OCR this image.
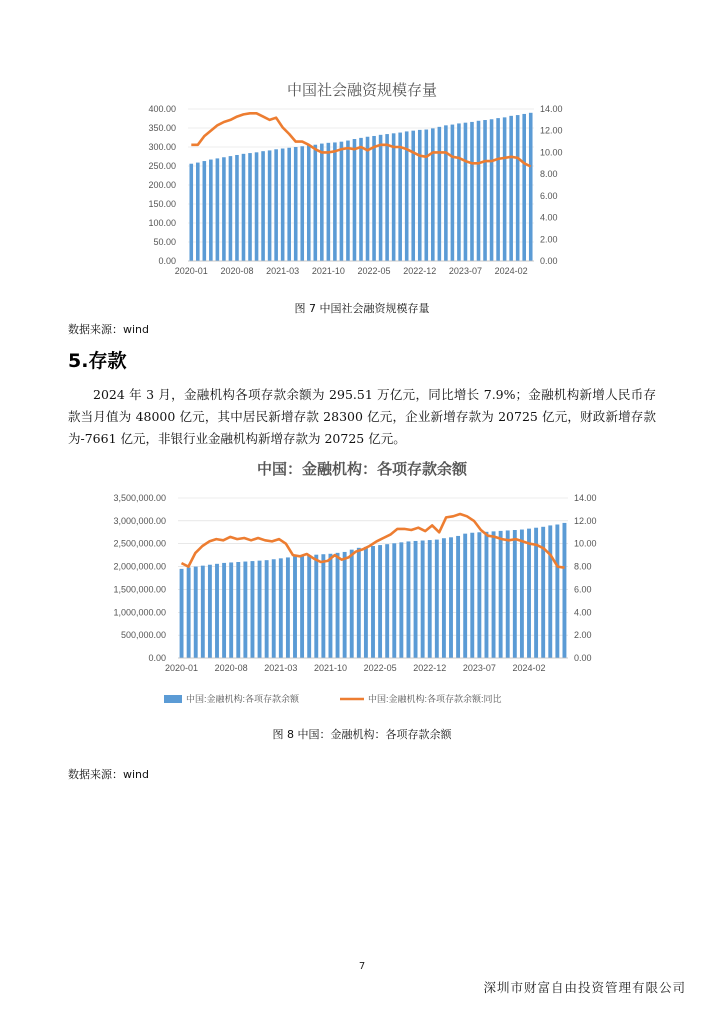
中国社会融资规模存量
0.00
50.00
100.00
150.00
200.00
250.00
300.00
350.00
400.00
0.00
2.00
4.00
6.00
8.00
10.00
12.00
14.00
2020-01 2020-08 2021-03 2021-10 2022-05 2022-12 2023-07 2024-02
图 7 中国社会融资规模存量
数据来源：wind
5.存款
2024 年 3 月，金融机构各项存款余额为 295.51 万亿元，同比增长 7.9%；金融机构新增人民币存款当月值为 48000 亿元，其中居民新增存款 28300 亿元，企业新增存款为 20725 亿元，财政新增存款为-7661 亿元，非银行业金融机构新增存款为 20725 亿元。
中国：金融机构：各项存款余额
0.00
500,000.00
1,000,000.00
1,500,000.00
2,000,000.00
2,500,000.00
3,000,000.00
3,500,000.00
0.00
2.00
4.00
6.00
8.00
10.00
12.00
14.00
2020-01 2020-08 2021-03 2021-10 2022-05 2022-12 2023-07 2024-02
中国:金融机构:各项存款余额	中国:金融机构:各项存款余额:同比
图 8 中国：金融机构：各项存款余额
数据来源：wind
7
深圳市财富自由投资管理有限公司
